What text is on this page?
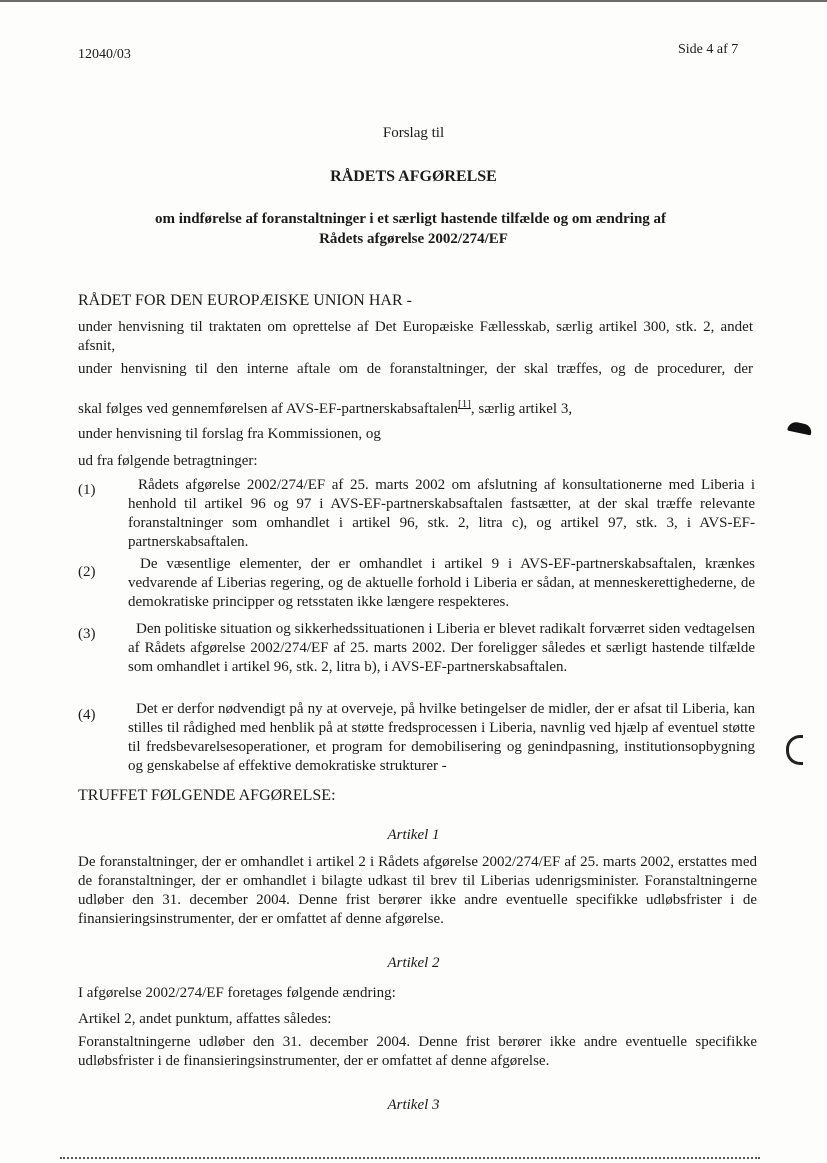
12040/03	Side 4 af 7
Forslag til
RÅDETS AFGØRELSE
om indførelse af foranstaltninger i et særligt hastende tilfælde og om ændring af
Rådets afgørelse 2002/274/EF
RÅDET FOR DEN EUROPÆISKE UNION HAR -
under henvisning til traktaten om oprettelse af Det Europæiske Fællesskab, særlig artikel 300, stk. 2, andet afsnit,
under henvisning til den interne aftale om de foranstaltninger, der skal træffes, og de procedurer, der
skal følges ved gennemførelsen af AVS-EF-partnerskabsaftalen[1], særlig artikel 3,
under henvisning til forslag fra Kommissionen, og
ud fra følgende betragtninger:
(1)	Rådets afgørelse 2002/274/EF af 25. marts 2002 om afslutning af konsultationerne med Liberia i henhold til artikel 96 og 97 i AVS-EF-partnerskabsaftalen fastsætter, at der skal træffe relevante foranstaltninger som omhandlet i artikel 96, stk. 2, litra c), og artikel 97, stk. 3, i AVS-EF-partnerskabsaftalen.
(2)	De væsentlige elementer, der er omhandlet i artikel 9 i AVS-EF-partnerskabsaftalen, krænkes vedvarende af Liberias regering, og de aktuelle forhold i Liberia er sådan, at menneskerettighederne, de demokratiske principper og retsstaten ikke længere respekteres.
(3)	Den politiske situation og sikkerhedssituationen i Liberia er blevet radikalt forværret siden vedtagelsen af Rådets afgørelse 2002/274/EF af 25. marts 2002. Der foreligger således et særligt hastende tilfælde som omhandlet i artikel 96, stk. 2, litra b), i AVS-EF-partnerskabsaftalen.
(4)	Det er derfor nødvendigt på ny at overveje, på hvilke betingelser de midler, der er afsat til Liberia, kan stilles til rådighed med henblik på at støtte fredsprocessen i Liberia, navnlig ved hjælp af eventuel støtte til fredsbevarelsesoperationer, et program for demobilisering og genindpasning, institutionsopbygning og genskabelse af effektive demokratiske strukturer -
TRUFFET FØLGENDE AFGØRELSE:
Artikel 1
De foranstaltninger, der er omhandlet i artikel 2 i Rådets afgørelse 2002/274/EF af 25. marts 2002, erstattes med de foranstaltninger, der er omhandlet i bilagte udkast til brev til Liberias udenrigsminister. Foranstaltningerne udløber den 31. december 2004. Denne frist berører ikke andre eventuelle specifikke udløbsfrister i de finansieringsinstrumenter, der er omfattet af denne afgørelse.
Artikel 2
I afgørelse 2002/274/EF foretages følgende ændring:
Artikel 2, andet punktum, affattes således:
Foranstaltningerne udløber den 31. december 2004. Denne frist berører ikke andre eventuelle specifikke udløbsfrister i de finansieringsinstrumenter, der er omfattet af denne afgørelse.
Artikel 3
